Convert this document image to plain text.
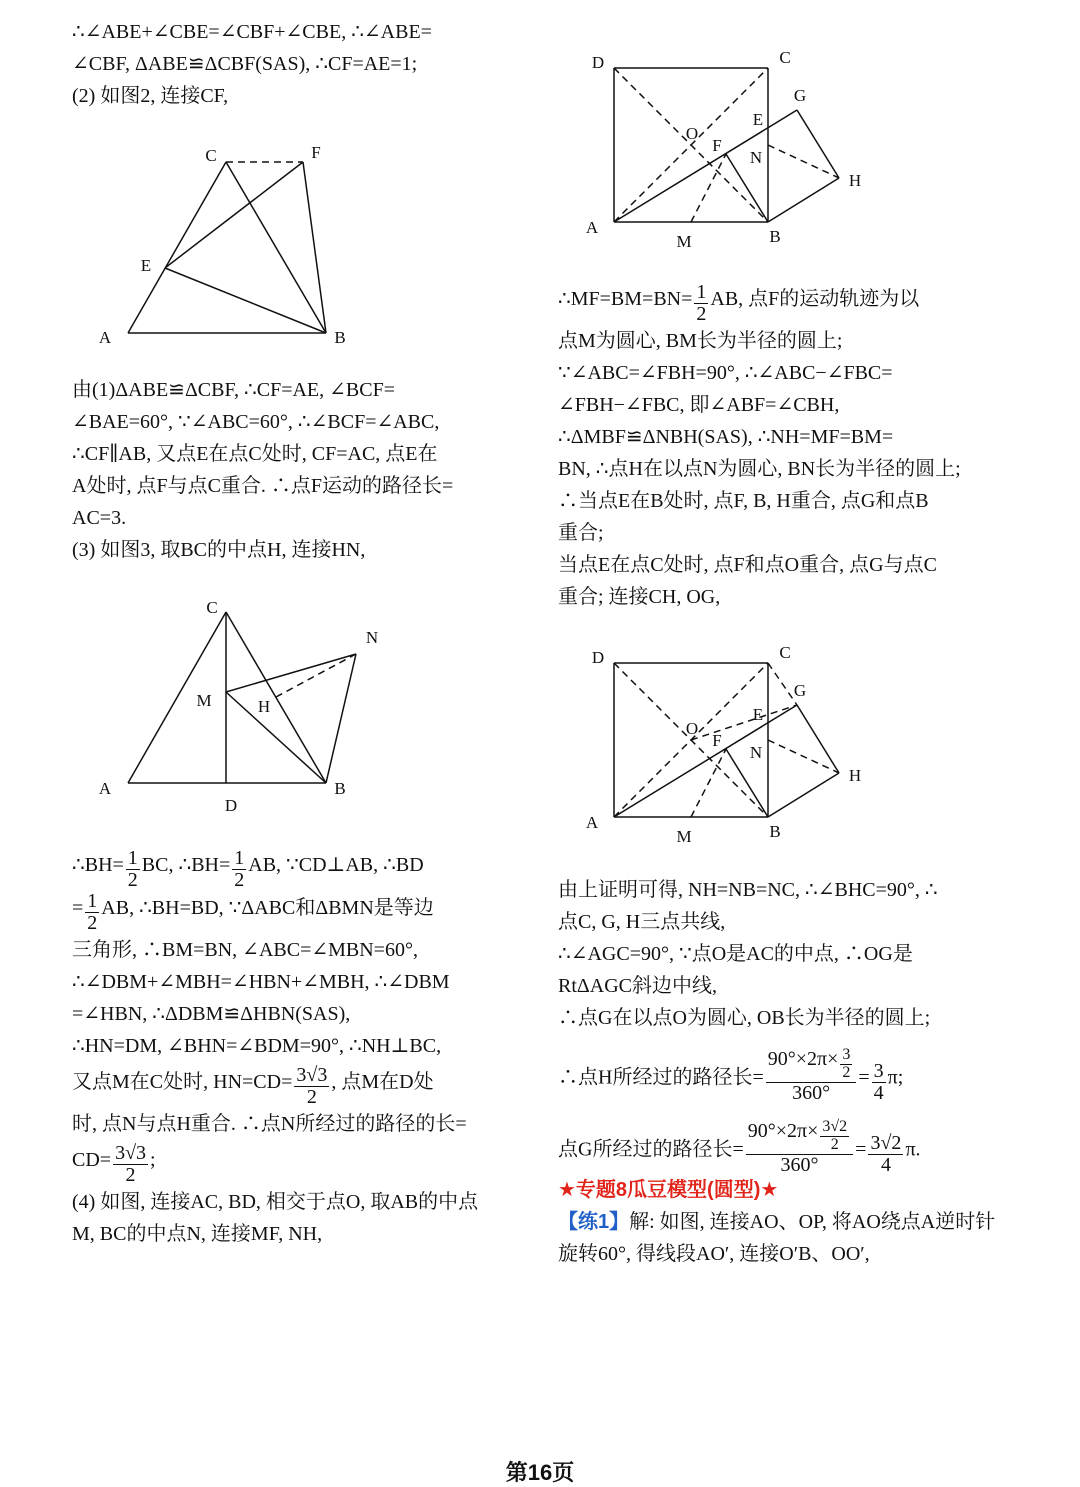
∴∠ABE+∠CBE=∠CBF+∠CBE, ∴∠ABE=
∠CBF, ΔABE≌ΔCBF(SAS), ∴CF=AE=1;
(2) 如图2, 连接CF,
由(1)ΔABE≌ΔCBF, ∴CF=AE, ∠BCF=
∠BAE=60°, ∵∠ABC=60°, ∴∠BCF=∠ABC,
∴CF∥AB, 又点E在点C处时, CF=AC, 点E在
A处时, 点F与点C重合. ∴点F运动的路径长=
AC=3.
(3) 如图3, 取BC的中点H, 连接HN,
∴BH= $\frac{1}{2}$ BC, ∴BH= $\frac{1}{2}$ AB, ∵CD⊥AB, ∴BD
= $\frac{1}{2}$ AB, ∴BH=BD, ∵ΔABC和ΔBMN是等边
三角形, ∴BM=BN, ∠ABC=∠MBN=60°,
∴∠DBM+∠MBH=∠HBN+∠MBH, ∴∠DBM
=∠HBN, ∴ΔDBM≌ΔHBN(SAS),
∴HN=DM, ∠BHN=∠BDM=90°, ∴NH⊥BC,
又点M在C处时, $HN=CD= \frac{3√3}{2}$ , 点M在D处
时, 点N与点H重合. ∴点N所经过的路径的长=
$CD= \frac{3√3}{2}$ ;
(4) 如图, 连接AC, BD, 相交于点O, 取AB的中点
M, BC的中点N, 连接MF, NH,
∴MF=BM=BN= $\frac{1}{2}$ AB, 点F的运动轨迹为以
点M为圆心, BM长为半径的圆上;
∵∠ABC=∠FBH=90°, ∴∠ABC−∠FBC=
∠FBH−∠FBC, 即∠ABF=∠CBH,
∴ΔMBF≌ΔNBH(SAS), ∴NH=MF=BM=
BN, ∴点H在以点N为圆心, BN长为半径的圆上;
∴当点E在B处时, 点F, B, H重合, 点G和点B
重合;
当点E在点C处时, 点F和点O重合, 点G与点C
重合; 连接CH, OG,
由上证明可得, NH=NB=NC, ∴∠BHC=90°, ∴
点C, G, H三点共线,
∴∠AGC=90°, ∵点O是AC的中点, ∴OG是
RtΔAGC斜边中线,
∴点G在以点O为圆心, OB长为半径的圆上;
∴点H所经过的路径长= $\frac{90^\circ\times 2\pi\times \frac{3}{2}}{360^\circ} = \frac{3}{4} \pi$;
点G所经过的路径长= $\frac{90^\circ\times 2\pi\times \frac{3√2}{2}}{360^\circ} = \frac{3√2}{4} \pi$.
★专题8瓜豆模型(圆型)★
【练1】解: 如图, 连接AO、OP, 将AO绕点A逆时针
旋转60°, 得线段AO′, 连接O′B、OO′,
C	F
E
A	B
C
N
M	H
A
D
B
D	C
G
E
O
F
N
H
A
M	B
D	C
G
E
O
F
N
H
A
M	B
第16页
